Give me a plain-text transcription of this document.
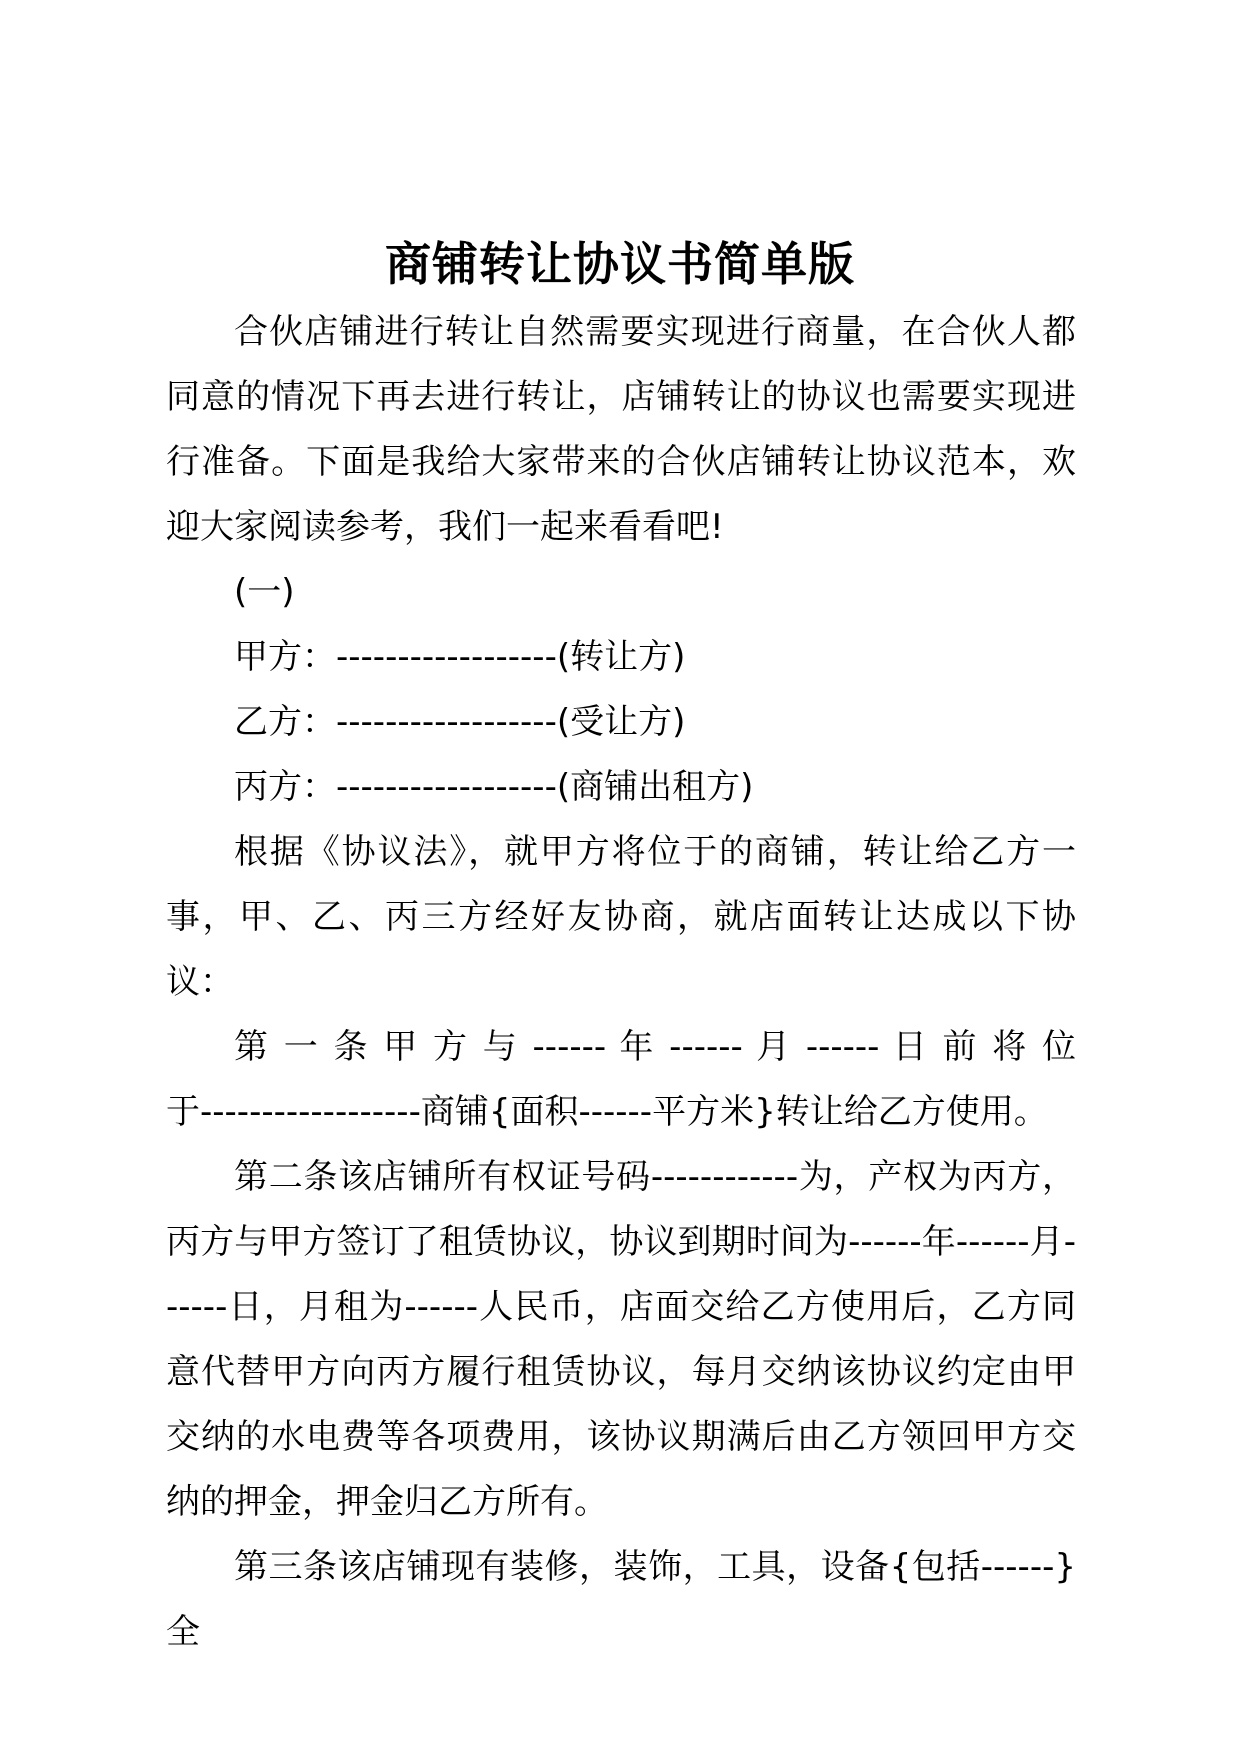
商铺转让协议书简单版

合伙店铺进行转让自然需要实现进行商量，在合伙人都同意的情况下再去进行转让，店铺转让的协议也需要实现进行准备。下面是我给大家带来的合伙店铺转让协议范本，欢迎大家阅读参考，我们一起来看看吧!

(一)

甲方：------------------(转让方)

乙方：------------------(受让方)

丙方：------------------(商铺出租方)

根据《协议法》，就甲方将位于的商铺，转让给乙方一事，甲、乙、丙三方经好友协商，就店面转让达成以下协议：

第 一 条 甲 方 与 ------ 年 ------ 月 ------ 日 前 将 位

于------------------商铺{面积------平方米}转让给乙方使用。

第二条该店铺所有权证号码------------为，产权为丙方，丙方与甲方签订了租赁协议，协议到期时间为------年------月------日，月租为------人民币，店面交给乙方使用后，乙方同意代替甲方向丙方履行租赁协议，每月交纳该协议约定由甲交纳的水电费等各项费用，该协议期满后由乙方领回甲方交纳的押金，押金归乙方所有。

第三条该店铺现有装修，装饰，工具，设备{包括------}全
